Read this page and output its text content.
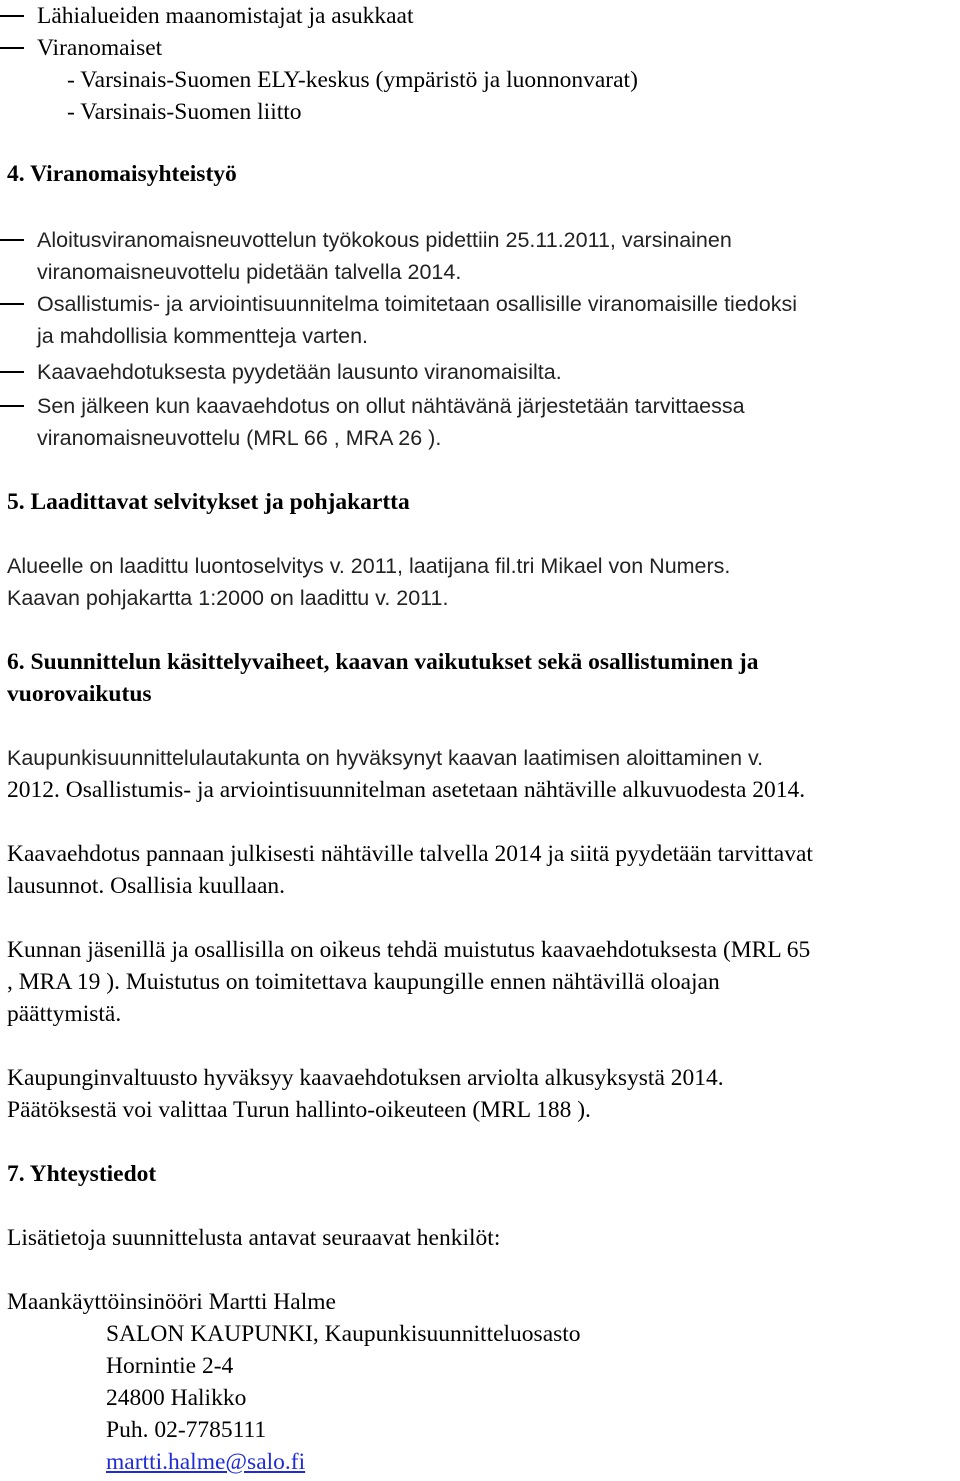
Lähialueiden maanomistajat ja asukkaat
Viranomaiset
- Varsinais-Suomen ELY-keskus (ympäristö ja luonnonvarat)
- Varsinais-Suomen liitto
4. Viranomaisyhteistyö
Aloitusviranomaisneuvottelun työkokous pidettiin 25.11.2011, varsinainen
viranomaisneuvottelu pidetään talvella 2014.
Osallistumis- ja arviointisuunnitelma toimitetaan osallisille viranomaisille tiedoksi
ja mahdollisia kommentteja varten.
Kaavaehdotuksesta pyydetään lausunto viranomaisilta.
Sen jälkeen kun kaavaehdotus on ollut nähtävänä järjestetään tarvittaessa
viranomaisneuvottelu (MRL 66 , MRA 26 ).
5. Laadittavat selvitykset ja pohjakartta
Alueelle on laadittu luontoselvitys v. 2011, laatijana fil.tri Mikael von Numers.
Kaavan pohjakartta 1:2000 on laadittu v. 2011.
6. Suunnittelun käsittelyvaiheet, kaavan vaikutukset sekä osallistuminen ja
vuorovaikutus
Kaupunkisuunnittelulautakunta on hyväksynyt kaavan laatimisen aloittaminen v.
2012. Osallistumis- ja arviointisuunnitelman asetetaan nähtäville alkuvuodesta 2014.
Kaavaehdotus pannaan julkisesti nähtäville talvella 2014 ja siitä pyydetään tarvittavat
lausunnot. Osallisia kuullaan.
Kunnan jäsenillä ja osallisilla on oikeus tehdä muistutus kaavaehdotuksesta (MRL 65
, MRA 19 ). Muistutus on toimitettava kaupungille ennen nähtävillä oloajan
päättymistä.
Kaupunginvaltuusto hyväksyy kaavaehdotuksen arviolta alkusyksystä 2014.
Päätöksestä voi valittaa Turun hallinto-oikeuteen (MRL 188 ).
7. Yhteystiedot
Lisätietoja suunnittelusta antavat seuraavat henkilöt:
Maankäyttöinsinööri Martti Halme
SALON KAUPUNKI, Kaupunkisuunnitteluosasto
Hornintie 2-4
24800 Halikko
Puh. 02-7785111
martti.halme@salo.fi
